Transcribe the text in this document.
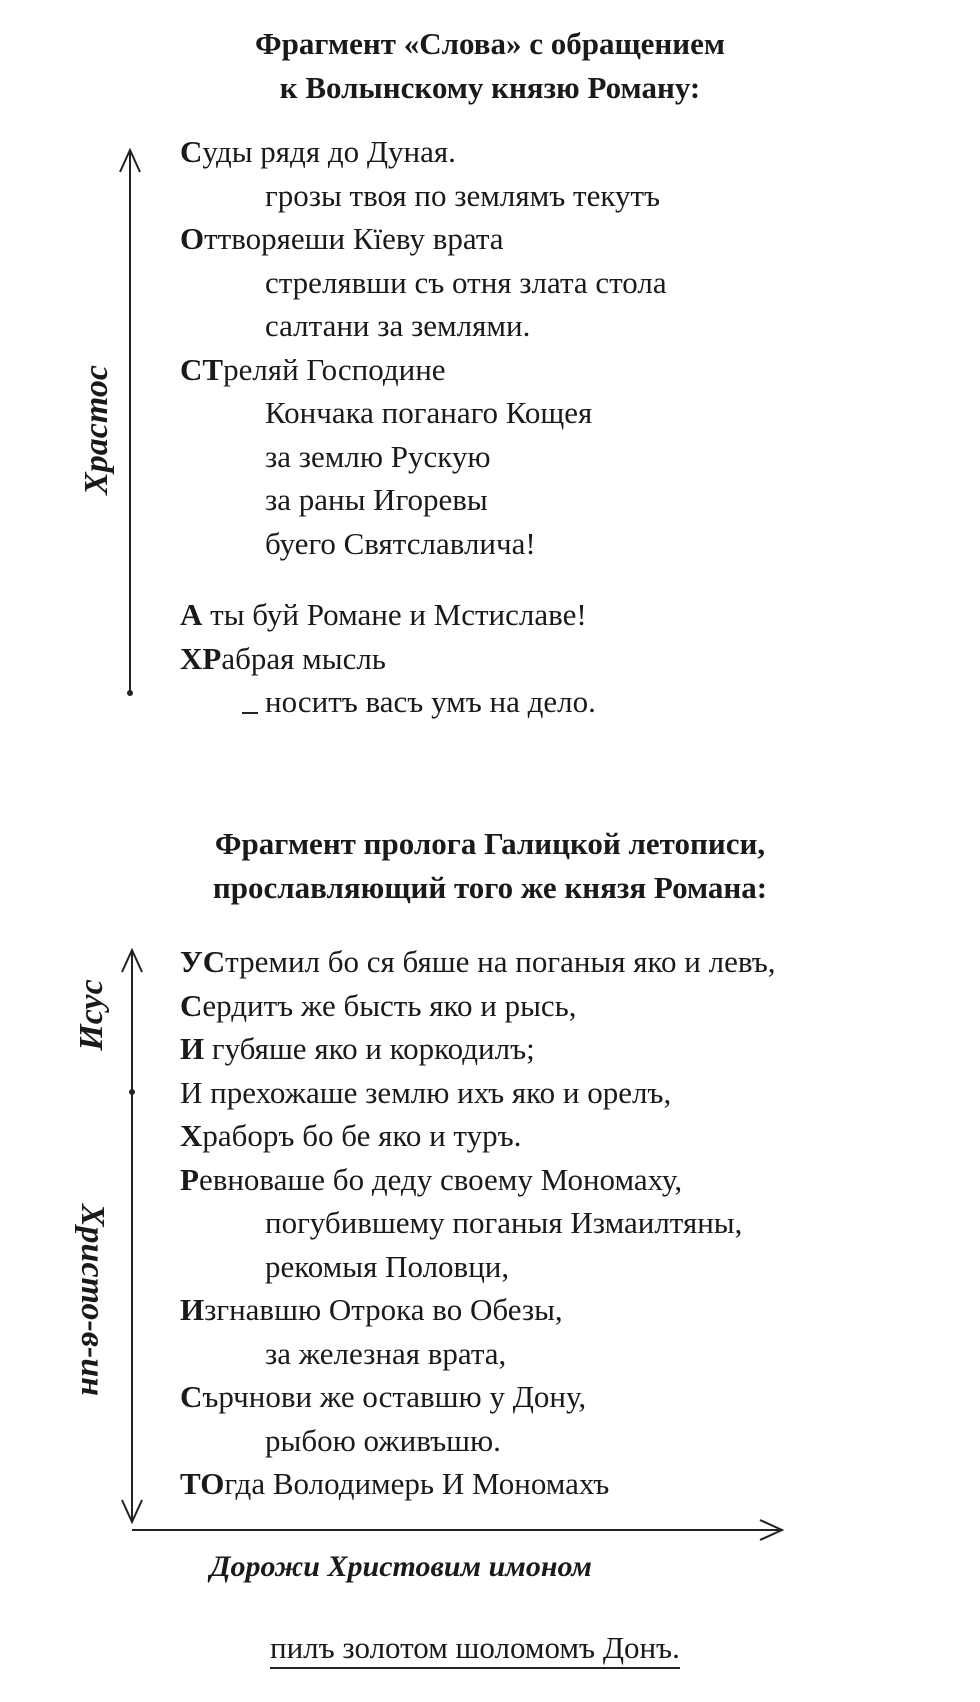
Фрагмент «Слова» с обращением
к Волынскому князю Роману:
Храстос
Суды рядя до Дуная.
грозы твоя по землямъ текутъ
Оттворяеши Кїеву врата
стрелявши съ отня злата стола
салтани за землями.
СТреляй Господине
Кончака поганаго Кощея
за землю Рускую
за раны Игоревы
буего Святславлича!
А ты буй Романе и Мстиславе!
ХРабрая мысль
носитъ васъ умъ на дело.
Фрагмент пролога Галицкой летописи,
прославляющий того же князя Романа:
Исус
Христо-в-ин
УСтремил бо ся бяше на поганыя яко и левъ,
Сердитъ же бысть яко и рысь,
И губяше яко и коркодилъ;
И прехожаше землю ихъ яко и орелъ,
Храборъ бо бе яко и туръ.
Ревноваше бо деду своему Мономаху,
погубившему поганыя Измаилтяны,
рекомыя Половци,
Изгнавшю Отрока во Обезы,
за железная врата,
Сърчнови же оставшю у Дону,
рыбою оживъшю.
ТОгда Володимерь И Мономахъ
Дорожи Христовим имоном
пилъ золотом шоломомъ Донъ.
